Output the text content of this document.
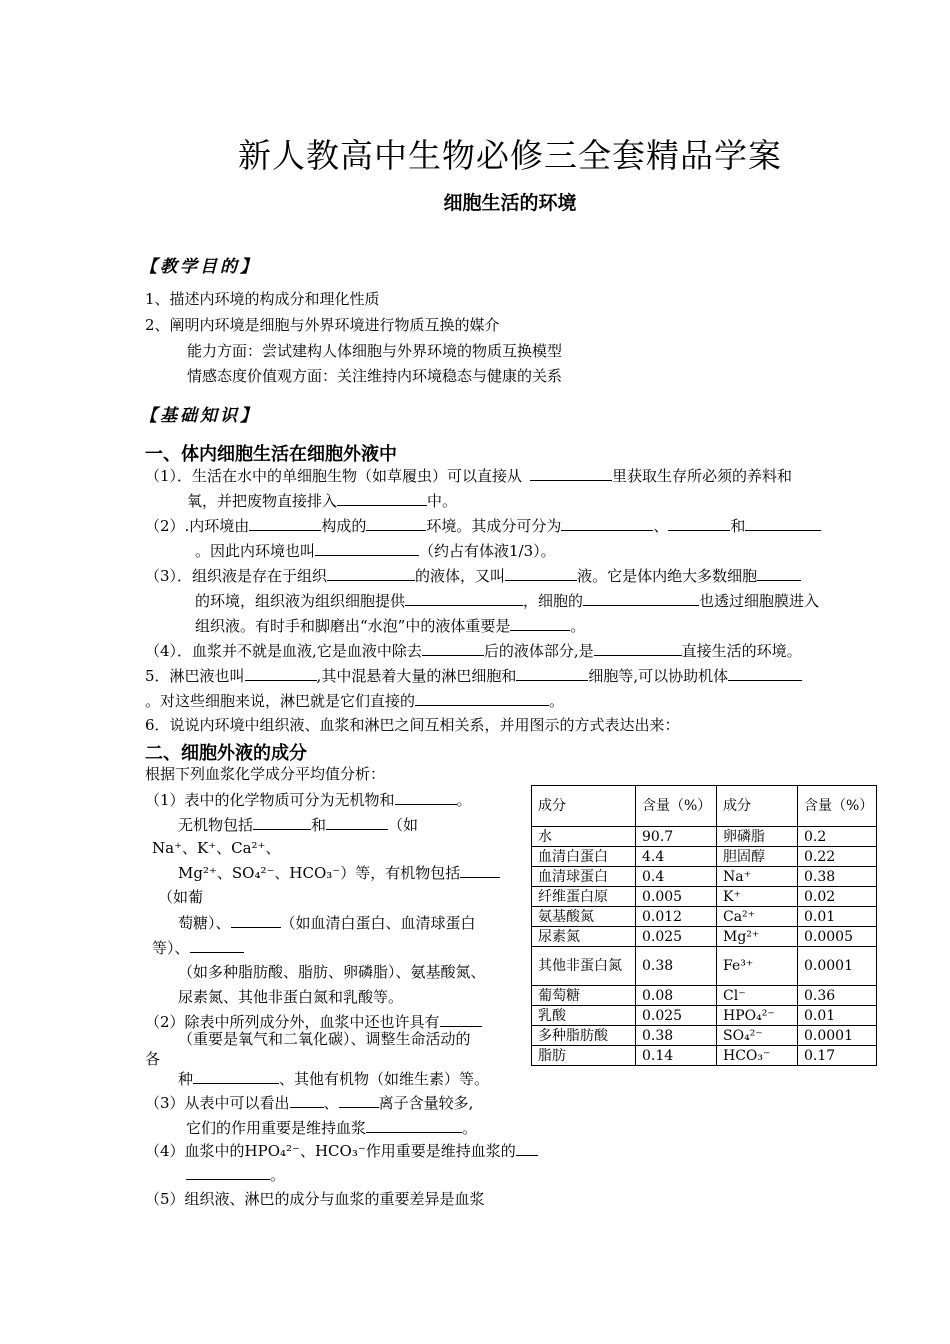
新人教高中生物必修三全套精品学案
细胞生活的环境
【教学目的】
1、描述内环境的构成分和理化性质
2、阐明内环境是细胞与外界环境进行物质互换的媒介
能力方面：尝试建构人体细胞与外界环境的物质互换模型
情感态度价值观方面：关注维持内环境稳态与健康的关系
【基础知识】
一、体内细胞生活在细胞外液中
（1）．生活在水中的单细胞生物（如草履虫）可以直接从	里获取生存所必须的养料和
氧，并把废物直接排入	中。
（2）.内环境由	构成的	环境。其成分可分为	、	和
。因此内环境也叫	（约占有体液1/3）。
（3）．组织液是存在于组织	的液体，又叫	液。它是体内绝大多数细胞
的环境，组织液为组织细胞提供	，细胞的	也透过细胞膜进入
组织液。有时手和脚磨出“水泡”中的液体重要是	。
（4）．血浆并不就是血液,它是血液中除去	后的液体部分,是	直接生活的环境。
5．淋巴液也叫	,其中混悬着大量的淋巴细胞和	细胞等,可以协助机体
。对这些细胞来说，淋巴就是它们直接的	。
6．说说内环境中组织液、血浆和淋巴之间互相关系，并用图示的方式表达出来：
二、细胞外液的成分
根据下列血浆化学成分平均值分析：
（1）表中的化学物质可分为无机物和	。
无机物包括	和	（如
Na⁺、K⁺、Ca²⁺、
Mg²⁺、SO₄²⁻、HCO₃⁻）等，有机物包括
（如葡
萄糖）、	（如血清白蛋白、血清球蛋白
等）、
（如多种脂肪酸、脂肪、卵磷脂）、氨基酸氮、
尿素氮、其他非蛋白氮和乳酸等。
（2）除表中所列成分外，血浆中还也许具有
（重要是氧气和二氧化碳）、调整生命活动的
各
种	、其他有机物（如维生素）等。
（3）从表中可以看出 、	离子含量较多,
它们的作用重要是维持血浆	。
（4）血浆中的HPO₄²⁻、HCO₃⁻作用重要是维持血浆的
。
（5）组织液、淋巴的成分与血浆的重要差异是血浆
成分	含量（%）	成分	含量（%）
水	90.7	卵磷脂	0.2
血清白蛋白	4.4	胆固醇	0.22
血清球蛋白	0.4	Na⁺	0.38
纤维蛋白原	0.005	K⁺	0.02
氨基酸氮	0.012	Ca²⁺	0.01
尿素氮	0.025	Mg²⁺	0.0005
其他非蛋白氮	0.38	Fe³⁺	0.0001
葡萄糖	0.08	Cl⁻	0.36
乳酸	0.025	HPO₄²⁻	0.01
多种脂肪酸	0.38	SO₄²⁻	0.0001
脂肪	0.14	HCO₃⁻	0.17
